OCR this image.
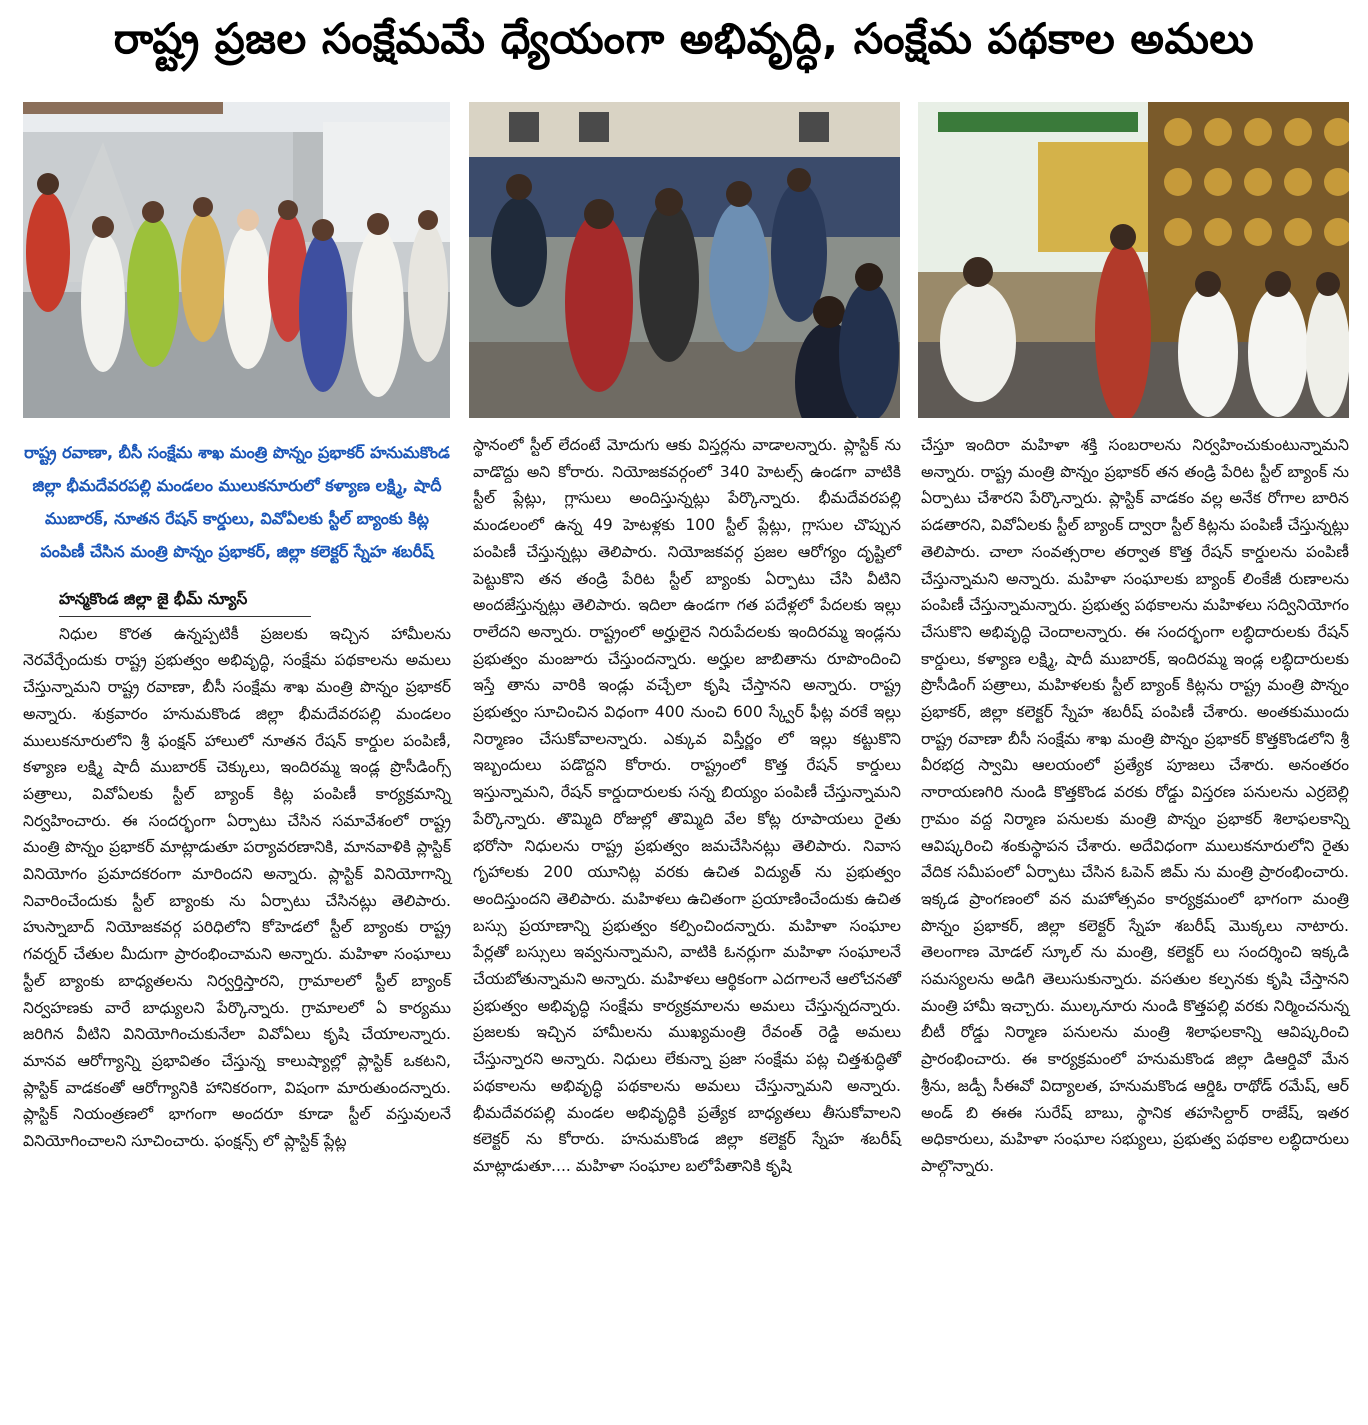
రాష్ట్ర ప్రజల సంక్షేమమే ధ్యేయంగా అభివృద్ధి, సంక్షేమ పథకాల అమలు
రాష్ట్ర రవాణా, బీసీ సంక్షేమ శాఖ మంత్రి పొన్నం ప్రభాకర్ హనుమకొండ జిల్లా భీమదేవరపల్లి మండలం ములుకనూరులో కళ్యాణ లక్ష్మి, షాదీ ముబారక్, నూతన రేషన్ కార్డులు, వివోఏలకు స్టీల్ బ్యాంకు కిట్ల పంపిణీ చేసిన మంత్రి పొన్నం ప్రభాకర్, జిల్లా కలెక్టర్ స్నేహ శబరీష్
హన్మకొండ జిల్లా జై భీమ్ న్యూస్

నిధుల కొరత ఉన్నప్పటికీ ప్రజలకు ఇచ్చిన హామీలను నెరవేర్చేందుకు రాష్ట్ర ప్రభుత్వం అభివృద్ధి, సంక్షేమ పథకాలను అమలు చేస్తున్నామని రాష్ట్ర రవాణా, బీసీ సంక్షేమ శాఖ మంత్రి పొన్నం ప్రభాకర్ అన్నారు. శుక్రవారం హనుమకొండ జిల్లా భీమదేవరపల్లి మండలం ములుకనూరులోని శ్రీ ఫంక్షన్ హాలులో నూతన రేషన్ కార్డుల పంపిణీ, కళ్యాణ లక్ష్మి షాదీ ముబారక్ చెక్కులు, ఇందిరమ్మ ఇండ్ల ప్రొసీడింగ్స్ పత్రాలు, వివోఏలకు స్టీల్ బ్యాంక్ కిట్ల పంపిణీ కార్యక్రమాన్ని నిర్వహించారు. ఈ సందర్భంగా ఏర్పాటు చేసిన సమావేశంలో రాష్ట్ర మంత్రి పొన్నం ప్రభాకర్ మాట్లాడుతూ పర్యావరణానికి, మానవాళికి ప్లాస్టిక్ వినియోగం ప్రమాదకరంగా మారిందని అన్నారు. ప్లాస్టిక్ వినియోగాన్ని నివారించేందుకు స్టీల్ బ్యాంకు ను ఏర్పాటు చేసినట్లు తెలిపారు. హుస్నాబాద్ నియోజకవర్గ పరిధిలోని కోహెడలో స్టీల్ బ్యాంకు రాష్ట్ర గవర్నర్ చేతుల మీదుగా ప్రారంభించామని అన్నారు. మహిళా సంఘాలు స్టీల్ బ్యాంకు బాధ్యతలను నిర్వర్తిస్తారని, గ్రామాలలో స్టీల్ బ్యాంక్ నిర్వహణకు వారే బాధ్యులని పేర్కొన్నారు. గ్రామాలలో ఏ కార్యము జరిగిన వీటిని వినియోగించుకునేలా వివోఏలు కృషి చేయాలన్నారు. మానవ ఆరోగ్యాన్ని ప్రభావితం చేస్తున్న కాలుష్యాల్లో ప్లాస్టిక్ ఒకటని, ప్లాస్టిక్ వాడకంతో ఆరోగ్యానికి హానికరంగా, విషంగా మారుతుందన్నారు. ప్లాస్టిక్ నియంత్రణలో భాగంగా అందరూ కూడా స్టీల్ వస్తువులనే వినియోగించాలని సూచించారు. ఫంక్షన్స్ లో ప్లాస్టిక్ ప్లేట్ల

స్థానంలో స్టీల్ లేదంటే మోదుగు ఆకు విస్తర్లను వాడాలన్నారు. ప్లాస్టిక్ ను వాడొద్దు అని కోరారు. నియోజకవర్గంలో 340 హెటల్స్ ఉండగా వాటికి స్టీల్ ప్లేట్లు, గ్లాసులు అందిస్తున్నట్లు పేర్కొన్నారు. భీమదేవరపల్లి మండలంలో ఉన్న 49 హెటళ్లకు 100 స్టీల్ ప్లేట్లు, గ్లాసుల చొప్పున పంపిణీ చేస్తున్నట్లు తెలిపారు. నియోజకవర్గ ప్రజల ఆరోగ్యం దృష్టిలో పెట్టుకొని తన తండ్రి పేరిట స్టీల్ బ్యాంకు ఏర్పాటు చేసి వీటిని అందజేస్తున్నట్లు తెలిపారు. ఇదిలా ఉండగా గత పదేళ్లలో పేదలకు ఇల్లు రాలేదని అన్నారు. రాష్ట్రంలో అర్హులైన నిరుపేదలకు ఇందిరమ్మ ఇండ్లను ప్రభుత్వం మంజూరు చేస్తుందన్నారు. అర్హుల జాబితాను రూపొందించి ఇస్తే తాను వారికి ఇండ్లు వచ్చేలా కృషి చేస్తానని అన్నారు. రాష్ట్ర ప్రభుత్వం సూచించిన విధంగా 400 నుంచి 600 స్క్వేర్ ఫీట్ల వరకే ఇల్లు నిర్మాణం చేసుకోవాలన్నారు. ఎక్కువ విస్తీర్ణం లో ఇల్లు కట్టుకొని ఇబ్బందులు పడొద్దని కోరారు. రాష్ట్రంలో కొత్త రేషన్ కార్డులు ఇస్తున్నామని, రేషన్ కార్డుదారులకు సన్న బియ్యం పంపిణీ చేస్తున్నామని పేర్కొన్నారు. తొమ్మిది రోజుల్లో తొమ్మిది వేల కోట్ల రూపాయలు రైతు భరోసా నిధులను రాష్ట్ర ప్రభుత్వం జమచేసినట్లు తెలిపారు. నివాస గృహాలకు 200 యూనిట్ల వరకు ఉచిత విద్యుత్ ను ప్రభుత్వం అందిస్తుందని తెలిపారు. మహిళలు ఉచితంగా ప్రయాణించేందుకు ఉచిత బస్సు ప్రయాణాన్ని ప్రభుత్వం కల్పించిందన్నారు. మహిళా సంఘాల పేర్లతో బస్సులు ఇవ్వనున్నామని, వాటికి ఓనర్లుగా మహిళా సంఘాలనే చేయబోతున్నామని అన్నారు. మహిళలు ఆర్థికంగా ఎదగాలనే ఆలోచనతో ప్రభుత్వం అభివృద్ధి సంక్షేమ కార్యక్రమాలను అమలు చేస్తున్నదన్నారు. ప్రజలకు ఇచ్చిన హామీలను ముఖ్యమంత్రి రేవంత్ రెడ్డి అమలు చేస్తున్నారని అన్నారు. నిధులు లేకున్నా ప్రజా సంక్షేమ పట్ల చిత్తశుద్ధితో పథకాలను అభివృద్ధి పథకాలను అమలు చేస్తున్నామని అన్నారు. భీమదేవరపల్లి మండల అభివృద్ధికి ప్రత్యేక బాధ్యతలు తీసుకోవాలని కలెక్టర్ ను కోరారు. హనుమకొండ జిల్లా కలెక్టర్ స్నేహ శబరీష్ మాట్లాడుతూ.... మహిళా సంఘాల బలోపేతానికి కృషి

చేస్తూ ఇందిరా మహిళా శక్తి సంబరాలను నిర్వహించుకుంటున్నామని అన్నారు. రాష్ట్ర మంత్రి పొన్నం ప్రభాకర్ తన తండ్రి పేరిట స్టీల్ బ్యాంక్ ను ఏర్పాటు చేశారని పేర్కొన్నారు. ప్లాస్టిక్ వాడకం వల్ల అనేక రోగాల బారిన పడతారని, వివోఏలకు స్టీల్ బ్యాంక్ ద్వారా స్టీల్ కిట్లను పంపిణీ చేస్తున్నట్లు తెలిపారు. చాలా సంవత్సరాల తర్వాత కొత్త రేషన్ కార్డులను పంపిణీ చేస్తున్నామని అన్నారు. మహిళా సంఘాలకు బ్యాంక్ లింకేజీ రుణాలను పంపిణీ చేస్తున్నామన్నారు. ప్రభుత్వ పథకాలను మహిళలు సద్వినియోగం చేసుకొని అభివృద్ధి చెందాలన్నారు. ఈ సందర్భంగా లబ్ధిదారులకు రేషన్ కార్డులు, కళ్యాణ లక్ష్మి, షాదీ ముబారక్, ఇందిరమ్మ ఇండ్ల లబ్ధిదారులకు ప్రొసీడింగ్ పత్రాలు, మహిళలకు స్టీల్ బ్యాంక్ కిట్లను రాష్ట్ర మంత్రి పొన్నం ప్రభాకర్, జిల్లా కలెక్టర్ స్నేహ శబరీష్ పంపిణీ చేశారు. అంతకుముందు రాష్ట్ర రవాణా బీసీ సంక్షేమ శాఖ మంత్రి పొన్నం ప్రభాకర్ కొత్తకొండలోని శ్రీ వీరభద్ర స్వామి ఆలయంలో ప్రత్యేక పూజలు చేశారు. అనంతరం నారాయణగిరి నుండి కొత్తకొండ వరకు రోడ్డు విస్తరణ పనులను ఎర్రబెల్లి గ్రామం వద్ద నిర్మాణ పనులకు మంత్రి పొన్నం ప్రభాకర్ శిలాఫలకాన్ని ఆవిష్కరించి శంకుస్థాపన చేశారు. అదేవిధంగా ములుకనూరులోని రైతు వేదిక సమీపంలో ఏర్పాటు చేసిన ఓపెన్ జిమ్ ను మంత్రి ప్రారంభించారు. ఇక్కడ ప్రాంగణంలో వన మహోత్సవం కార్యక్రమంలో భాగంగా మంత్రి పొన్నం ప్రభాకర్, జిల్లా కలెక్టర్ స్నేహ శబరీష్ మొక్కలు నాటారు. తెలంగాణ మోడల్ స్కూల్ ను మంత్రి, కలెక్టర్ లు సందర్శించి ఇక్కడి సమస్యలను అడిగి తెలుసుకున్నారు. వసతుల కల్పనకు కృషి చేస్తానని మంత్రి హామీ ఇచ్చారు. ముల్కనూరు నుండి కొత్తపల్లి వరకు నిర్మించనున్న బీటీ రోడ్డు నిర్మాణ పనులను మంత్రి శిలాఫలకాన్ని ఆవిష్కరించి ప్రారంభించారు. ఈ కార్యక్రమంలో హనుమకొండ జిల్లా డిఆర్డివో మేన శ్రీను, జడ్పీ సీఈవో విద్యాలత, హనుమకొండ ఆర్డిఓ రాథోడ్ రమేష్, ఆర్ అండ్ బి ఈఈ సురేష్ బాబు, స్థానిక తహసిల్దార్ రాజేష్, ఇతర అధికారులు, మహిళా సంఘాల సభ్యులు, ప్రభుత్వ పథకాల లబ్ధిదారులు పాల్గొన్నారు.
